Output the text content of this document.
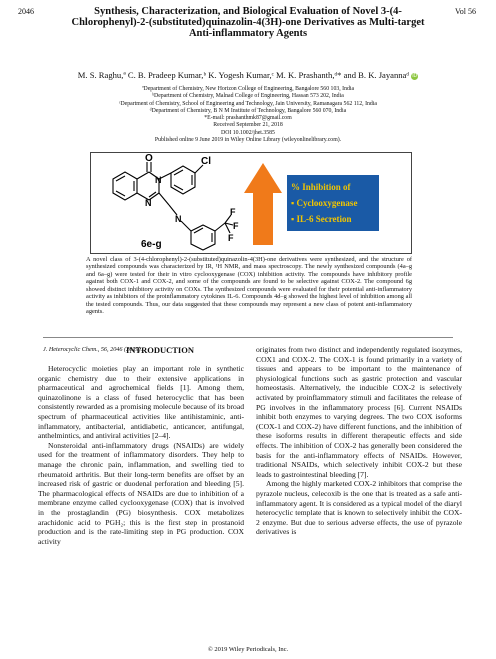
2046	Vol 56
Synthesis, Characterization, and Biological Evaluation of Novel 3-(4-Chlorophenyl)-2-(substituted)quinazolin-4(3H)-one Derivatives as Multi-target Anti-inflammatory Agents
M. S. Raghu,ª C. B. Pradeep Kumar,ᵇ K. Yogesh Kumar,ᶜ M. K. Prashanth,ᵈ* and B. K. Jayannaᵈ iD
ªDepartment of Chemistry, New Horizon College of Engineering, Bangalore 560 103, India
ᵇDepartment of Chemistry, Malnad College of Engineering, Hassan 573 202, India
ᶜDepartment of Chemistry, School of Engineering and Technology, Jain University, Ramanagara 562 112, India
ᵈDepartment of Chemistry, B N M Institute of Technology, Bangalore 560 070, India
*E-mail: prashanthmk87@gmail.com
Received September 21, 2018
DOI 10.1002/jhet.3585
Published online 9 June 2019 in Wiley Online Library (wileyonlinelibrary.com).
O
N
N
N
Cl
F
F
F
6e-g
% Inhibition of
▪ Cyclooxygenase
▪ IL-6 Secretion
A novel class of 3-(4-chlorophenyl)-2-(substituted)quinazolin-4(3H)-one derivatives were synthesized, and the structure of synthesized compounds was characterized by IR, ¹H NMR, and mass spectroscopy. The newly synthesized compounds (4a–g and 6a–g) were tested for their in vitro cyclooxygenase (COX) inhibition activity. The compounds have inhibitory profile against both COX-1 and COX-2, and some of the compounds are found to be selective against COX-2. The compound 6g showed distinct inhibitory activity on COXs. The synthesized compounds were evaluated for their potential anti-inflammatory activity as inhibitors of the proinflammatory cytokines IL-6. Compounds 4d–g showed the highest level of inhibition among all the tested compounds. Thus, our data suggested that these compounds may represent a new class of potent anti-inflammatory agents.
J. Heterocyclic Chem., 56, 2046 (2019).
INTRODUCTION

Heterocyclic moieties play an important role in synthetic organic chemistry due to their extensive applications in pharmaceutical and agrochemical fields [1]. Among them, quinazolinone is a class of fused heterocyclic that has been consistently rewarded as a promising molecule because of its broad spectrum of pharmaceutical activities like antihistaminic, anti-inflammatory, antibacterial, antidiabetic, anticancer, antifungal, anthelmintics, and antiviral activities [2–4].

Nonsteroidal anti-inflammatory drugs (NSAIDs) are widely used for the treatment of inflammatory disorders. They help to manage the chronic pain, inflammation, and swelling tied to rheumatoid arthritis. But their long-term benefits are offset by an increased risk of gastric or duodenal perforation and bleeding [5]. The pharmacological effects of NSAIDs are due to inhibition of a membrane enzyme called cyclooxygenase (COX) that is involved in the prostaglandin (PG) biosynthesis. COX metabolizes arachidonic acid to PGH₂; this is the first step in prostanoid production and is the rate-limiting step in PG production. COX activity

originates from two distinct and independently regulated isozymes, COX1 and COX-2. The COX-1 is found primarily in a variety of tissues and appears to be important to the maintenance of physiological functions such as gastric protection and vascular homeostasis. Alternatively, the inducible COX-2 is selectively activated by proinflammatory stimuli and facilitates the release of PG involves in the inflammatory process [6]. Current NSAIDs inhibit both enzymes to varying degrees. The two COX isoforms (COX-1 and COX-2) have different functions, and the inhibition of these isoforms results in different therapeutic effects and side effects. The inhibition of COX-2 has generally been considered the basis for the anti-inflammatory effects of NSAIDs. However, traditional NSAIDs, which selectively inhibit COX-2 but these leads to gastrointestinal bleeding [7].

Among the highly marketed COX-2 inhibitors that comprise the pyrazole nucleus, celecoxib is the one that is treated as a safe anti-inflammatory agent. It is considered as a typical model of the diaryl heterocyclic template that is known to selectively inhibit the COX-2 enzyme. But due to serious adverse effects, the use of pyrazole derivatives is

© 2019 Wiley Periodicals, Inc.
